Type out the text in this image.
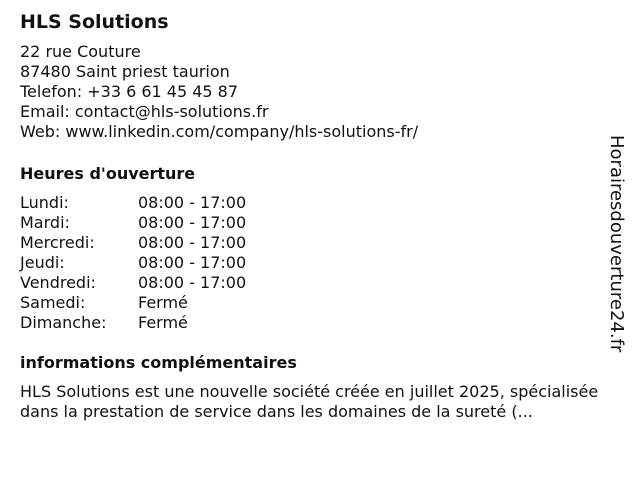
HLS Solutions
22 rue Couture
87480 Saint priest taurion
Telefon: +33 6 61 45 45 87
Email: contact@hls-solutions.fr
Web: www.linkedin.com/company/hls-solutions-fr/
Heures d'ouverture
Lundi:	08:00 - 17:00
Mardi:	08:00 - 17:00
Mercredi:	08:00 - 17:00
Jeudi:	08:00 - 17:00
Vendredi:	08:00 - 17:00
Samedi:	Fermé
Dimanche:	Fermé
informations complémentaires
HLS Solutions est une nouvelle société créée en juillet 2025, spécialisée dans la prestation de service dans les domaines de la sureté (...
Horairesdouverture24.fr
